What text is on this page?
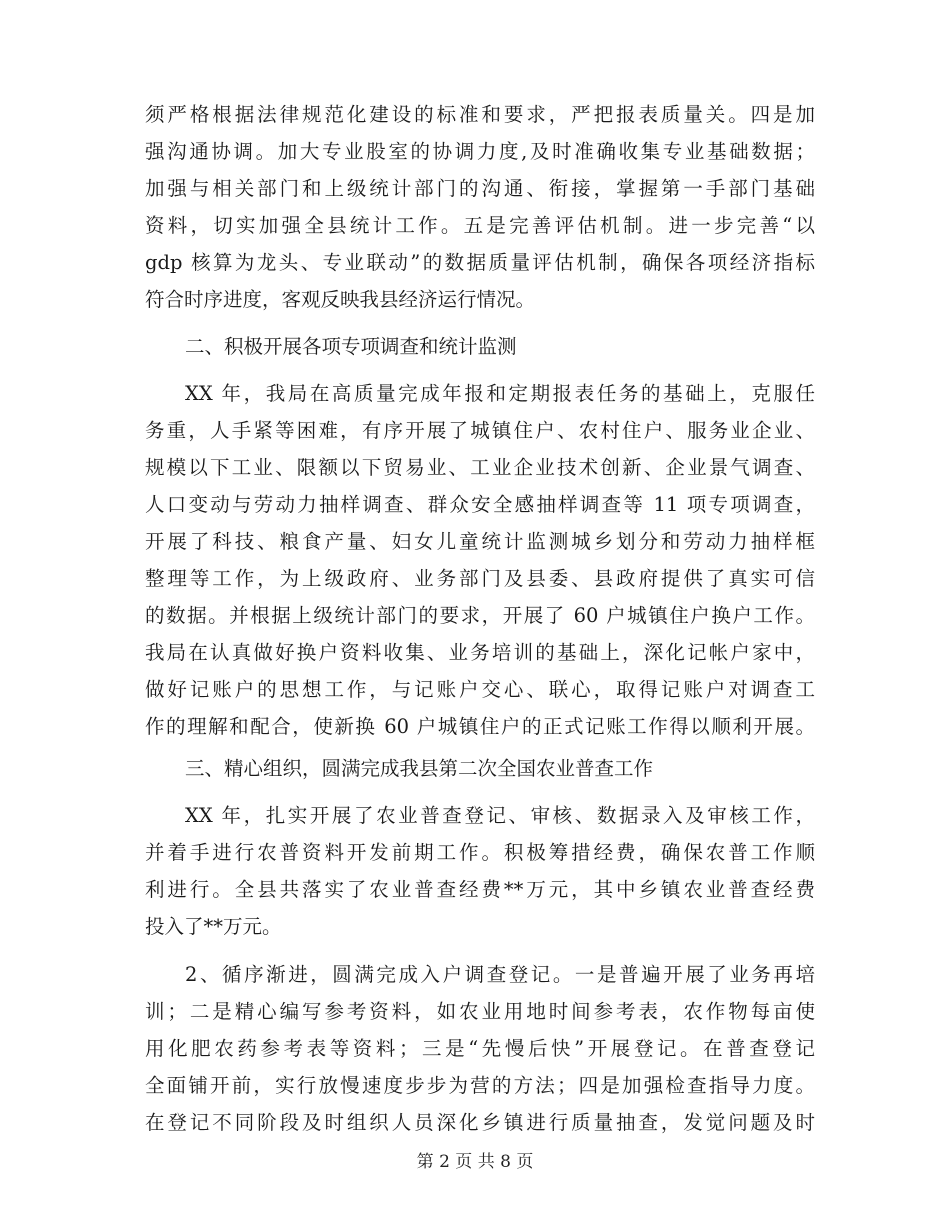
须严格根据法律规范化建设的标准和要求，严把报表质量关。四是加
强沟通协调。加大专业股室的协调力度,及时准确收集专业基础数据；
加强与相关部门和上级统计部门的沟通、衔接，掌握第一手部门基础
资料，切实加强全县统计工作。五是完善评估机制。进一步完善“以
gdp 核算为龙头、专业联动”的数据质量评估机制，确保各项经济指标
符合时序进度，客观反映我县经济运行情况。
二、积极开展各项专项调查和统计监测
XX 年，我局在高质量完成年报和定期报表任务的基础上，克服任
务重，人手紧等困难，有序开展了城镇住户、农村住户、服务业企业、
规模以下工业、限额以下贸易业、工业企业技术创新、企业景气调查、
人口变动与劳动力抽样调查、群众安全感抽样调查等 11 项专项调查，
开展了科技、粮食产量、妇女儿童统计监测城乡划分和劳动力抽样框
整理等工作，为上级政府、业务部门及县委、县政府提供了真实可信
的数据。并根据上级统计部门的要求，开展了 60 户城镇住户换户工作。
我局在认真做好换户资料收集、业务培训的基础上，深化记帐户家中，
做好记账户的思想工作，与记账户交心、联心，取得记账户对调查工
作的理解和配合，使新换 60 户城镇住户的正式记账工作得以顺利开展。
三、精心组织，圆满完成我县第二次全国农业普查工作
XX 年，扎实开展了农业普查登记、审核、数据录入及审核工作，
并着手进行农普资料开发前期工作。积极筹措经费，确保农普工作顺
利进行。全县共落实了农业普查经费**万元，其中乡镇农业普查经费
投入了**万元。
2、循序渐进，圆满完成入户调查登记。一是普遍开展了业务再培
训；二是精心编写参考资料，如农业用地时间参考表，农作物每亩使
用化肥农药参考表等资料；三是“先慢后快”开展登记。在普查登记
全面铺开前，实行放慢速度步步为营的方法；四是加强检查指导力度。
在登记不同阶段及时组织人员深化乡镇进行质量抽查，发觉问题及时
第 2 页 共 8 页
